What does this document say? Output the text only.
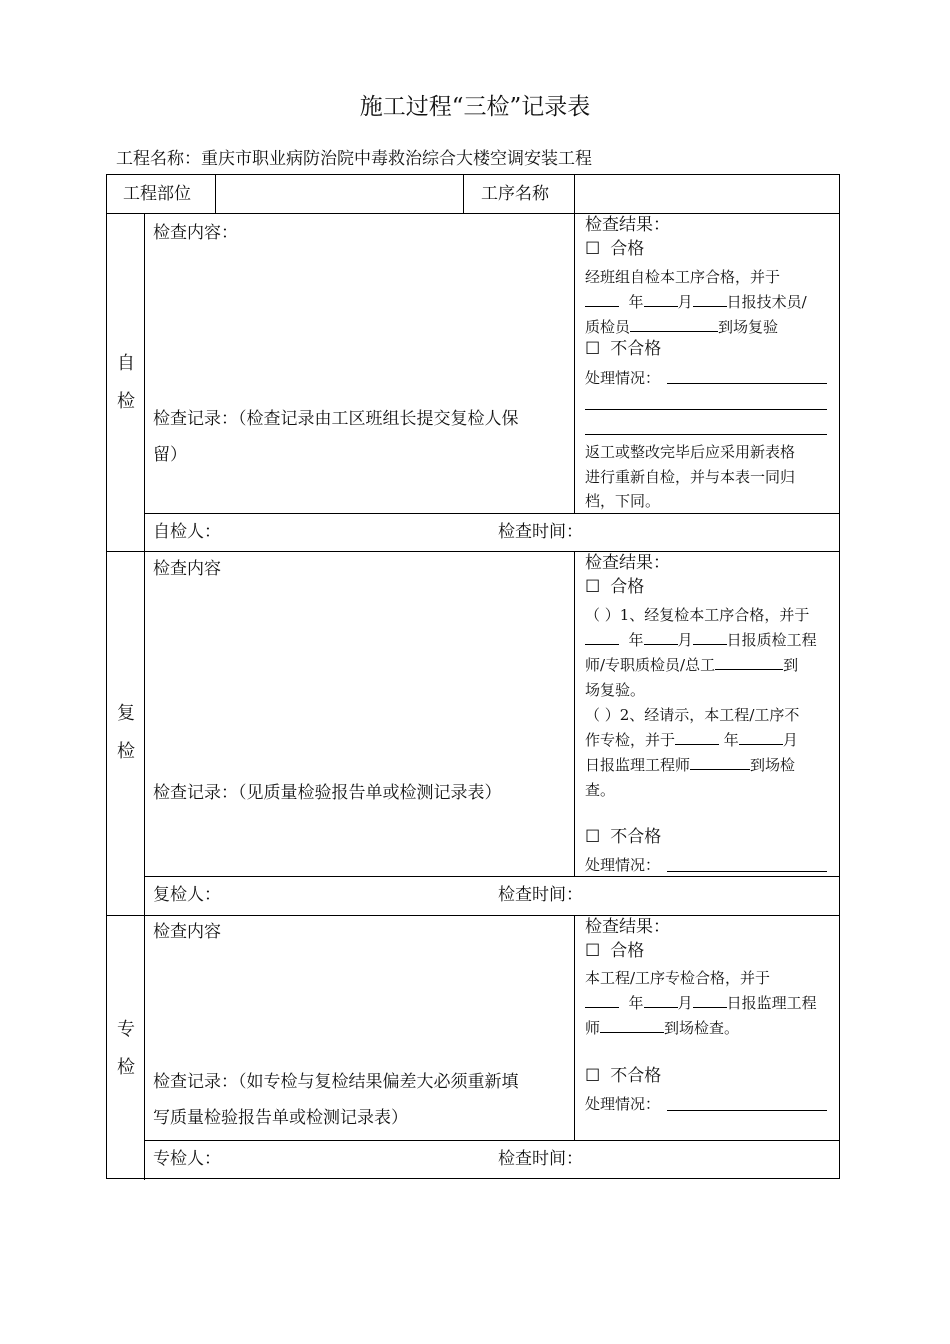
施工过程“三检”记录表
工程名称：重庆市职业病防治院中毒救治综合大楼空调安装工程
工程部位	工序名称
自
检
检查内容：
检查记录：（检查记录由工区班组长提交复检人保
留）
检查结果：
☐ 合格
经班组自检本工序合格，并于
年 月 日报技术员/
质检员	到场复验
☐ 不合格
处理情况：
返工或整改完毕后应采用新表格
进行重新自检，并与本表一同归
档，下同。
自检人：	检查时间：
复
检
检查内容
检查记录：（见质量检验报告单或检测记录表）
检查结果：
☐ 合格
（ ）1、经复检本工序合格，并于
年 月 日报质检工程
师/专职质检员/总工	到
场复验。
（ ）2、经请示，本工程/工序不
作专检，并于	年	月
日报监理工程师	到场检
查。
☐ 不合格
处理情况：
复检人：	检查时间：
专
检
检查内容
检查记录：（如专检与复检结果偏差大必须重新填
写质量检验报告单或检测记录表）
检查结果：
☐ 合格
本工程/工序专检合格，并于
年 月 日报监理工程
师	到场检查。
☐ 不合格
处理情况：
专检人：	检查时间：
